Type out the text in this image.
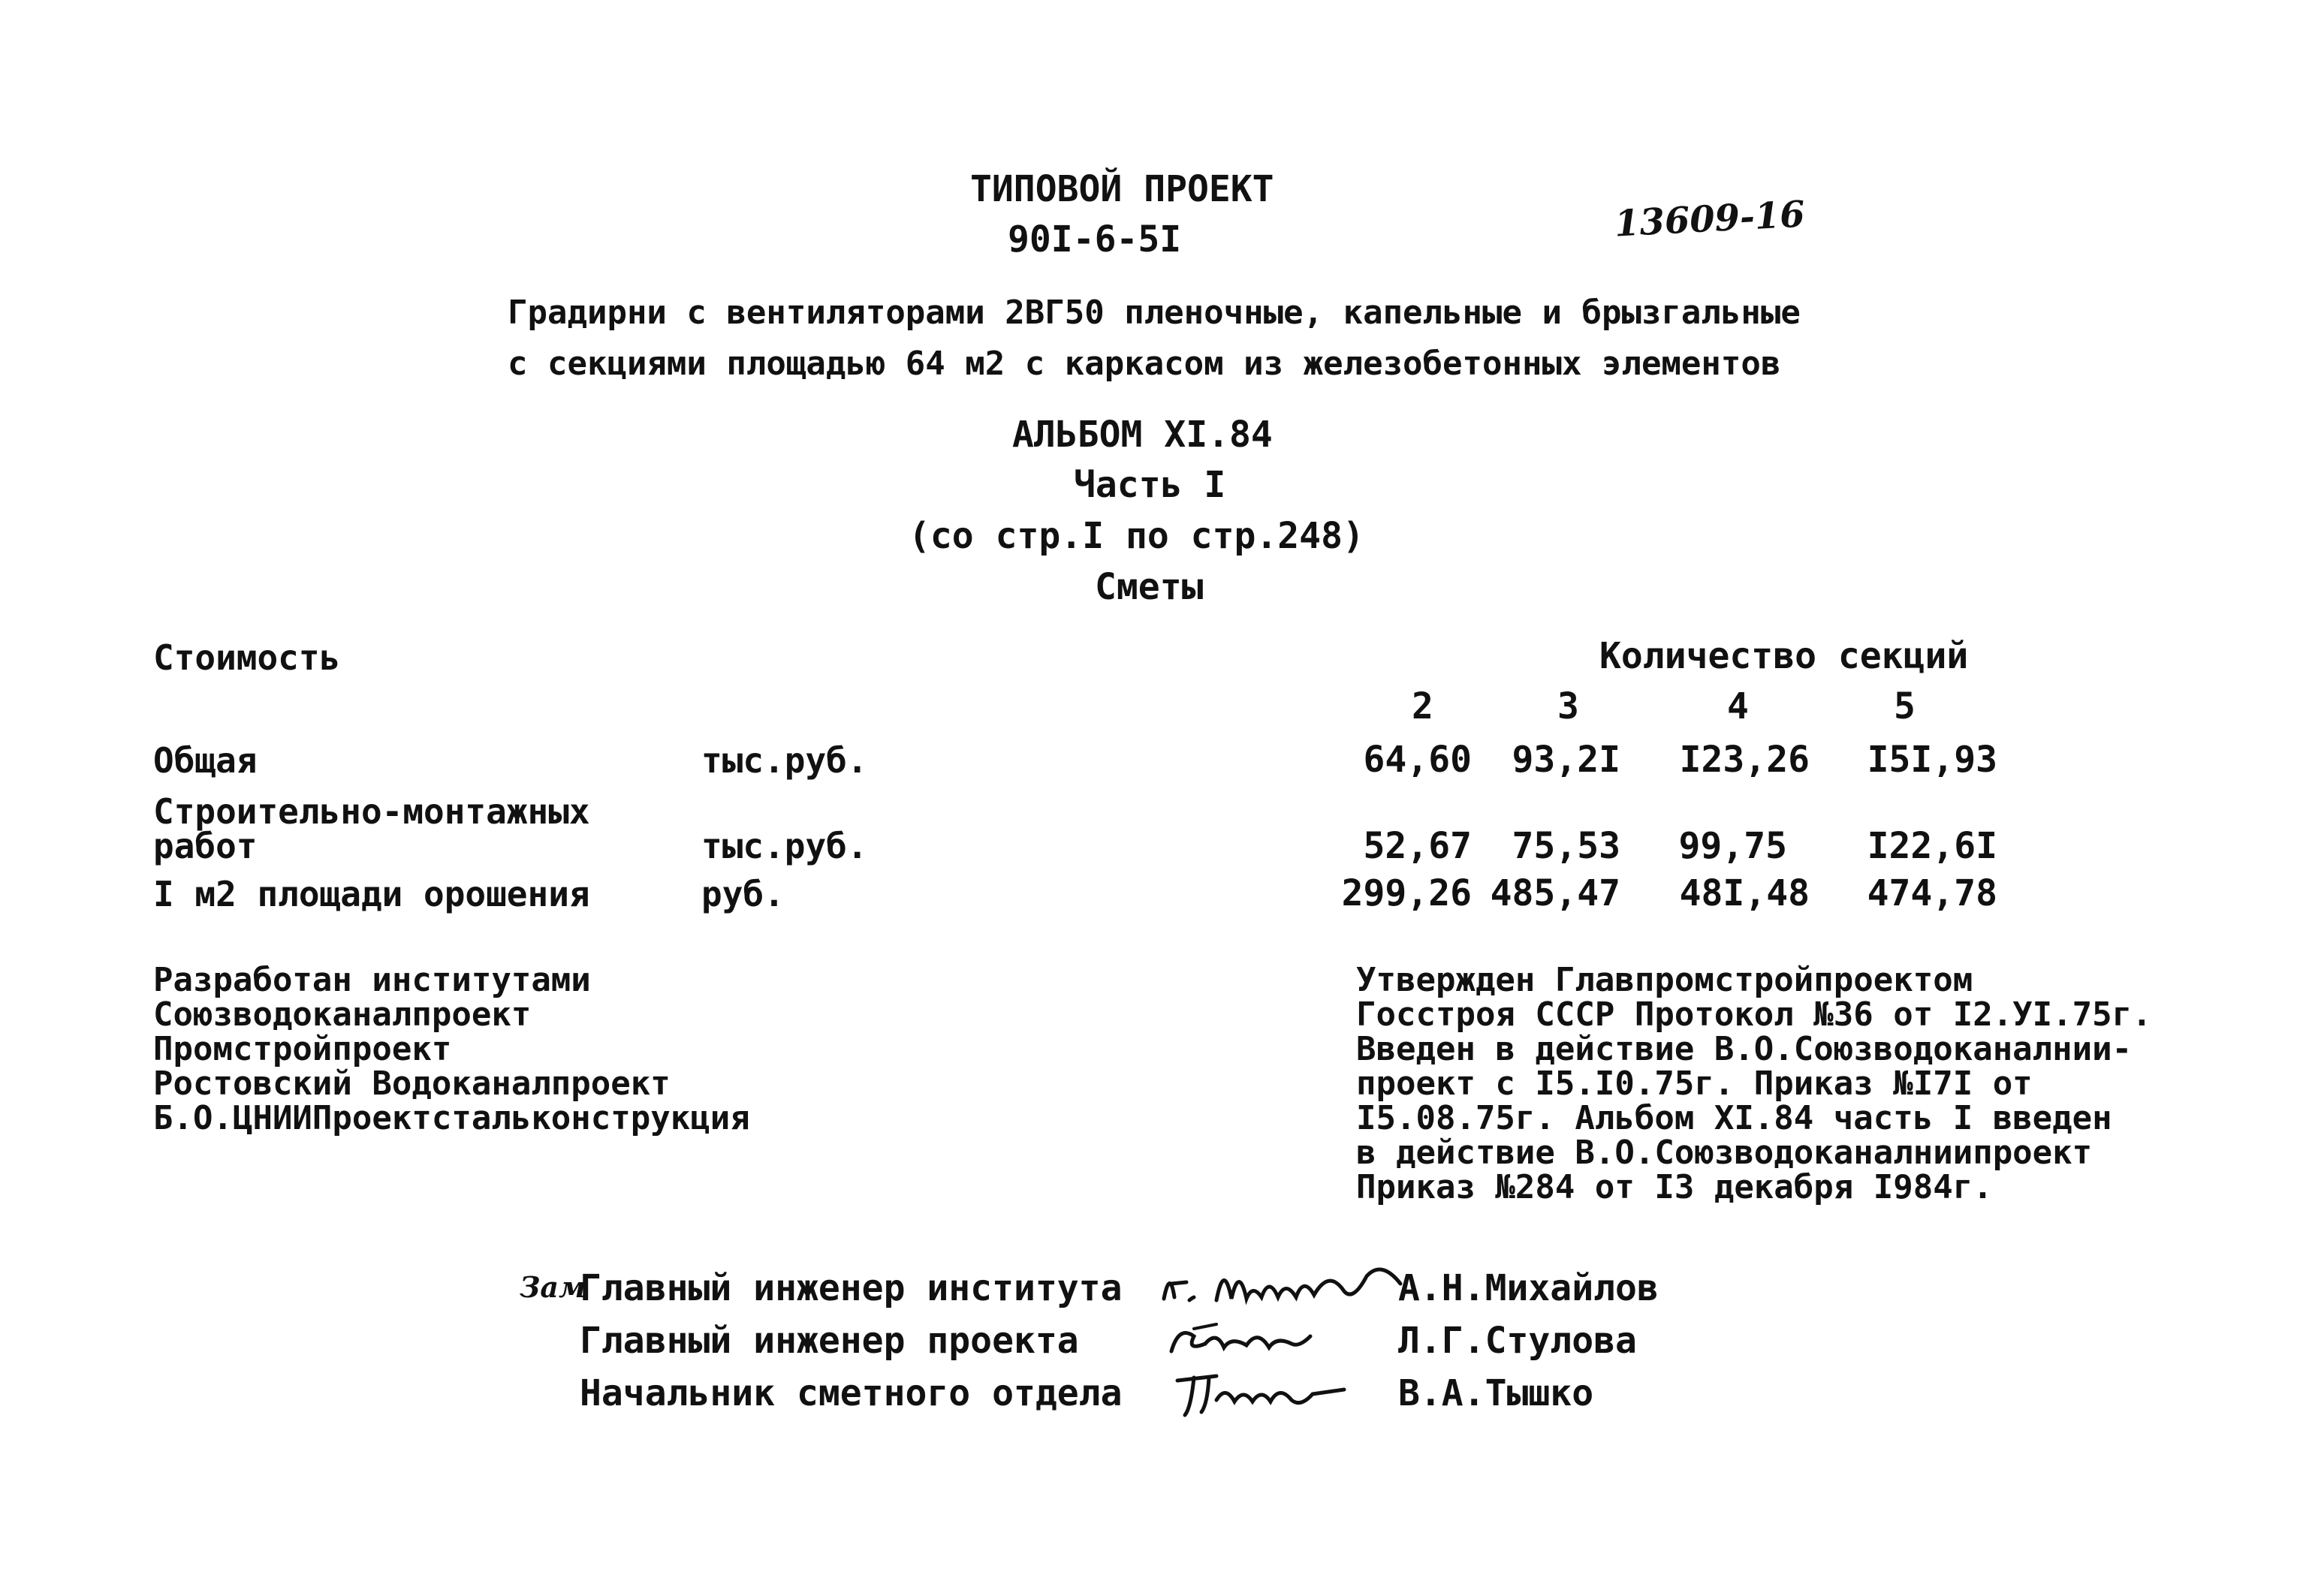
ТИПОВОЙ ПРОЕКТ
90I-6-5I	13609-16
Градирни с вентиляторами 2ВГ50 пленочные, капельные и брызгальные
с секциями площадью 64 м2 с каркасом из железобетонных элементов
АЛЬБОМ XI.84
Часть I
(со стр.I по стр.248)
Сметы
Стоимость	Количество секций
2	3	4	5
Общая	тыс.руб.	64,60	93,2I	I23,26	I5I,93
Строительно-монтажных
работ	тыс.руб.	52,67	75,53	99,75	I22,6I
I м2 площади орошения	руб.	299,26 485,47	48I,48	474,78
Разработан институтами
Союзводоканалпроект
Промстройпроект
Ростовский Водоканалпроект
Б.О.ЦНИИПроектстальконструкция
Утвержден Главпромстройпроектом
Госстроя СССР Протокол №36 от I2.УI.75г.
Введен в действие В.О.Союзводоканалнии-
проект с I5.I0.75г. Приказ №I7I от
I5.08.75г. Альбом XI.84 часть I введен
в действие В.О.Союзводоканалниипроект
Приказ №284 от I3 декабря I984г.
Зам
Главный инженер института	А.Н.Михайлов
Главный инженер проекта	Л.Г.Стулова
Начальник сметного отдела	В.А.Тышко
